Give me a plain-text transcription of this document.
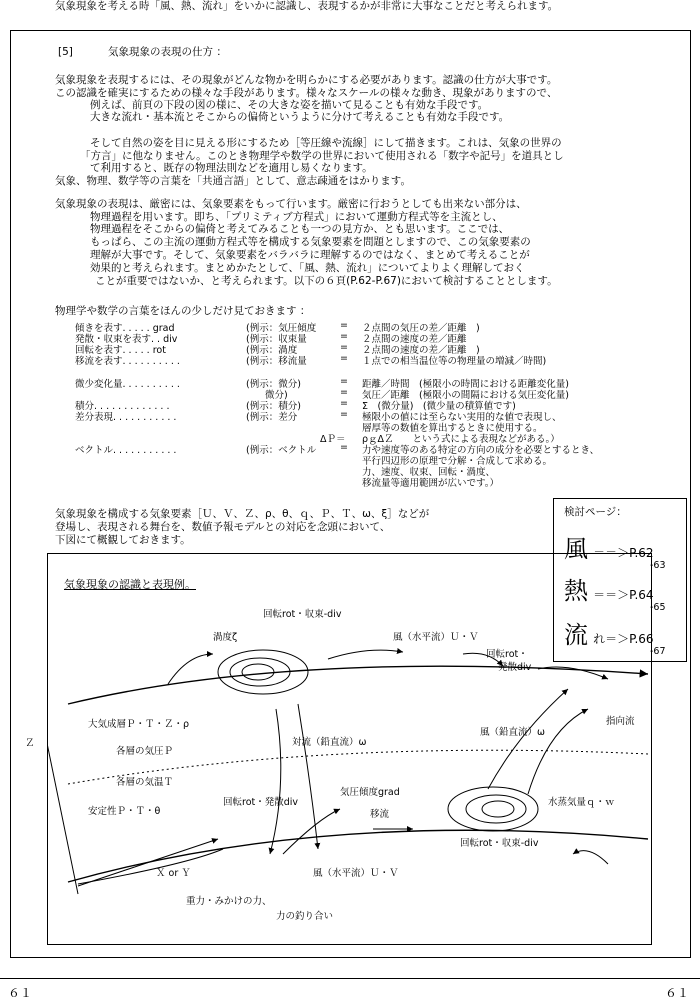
気象現象を考える時「風、熱、流れ」をいかに認識し、表現するかが非常に大事なことだと考えられます。
[5]	気象現象の表現の仕方 ：
気象現象を表現するには、その現象がどんな物かを明らかにする必要があります。認識の仕方が大事です。
この認識を確実にするための様々な手段があります。様々なスケールの様々な動き、現象がありますので、
例えば、前頁の下段の図の様に、その大きな姿を描いて見ることも有効な手段です。
大きな流れ・基本流とそこからの偏倚というように分けて考えることも有効な手段です。
そして自然の姿を目に見える形にするため［等圧線や流線］にして描きます。これは、気象の世界の
「方言」に他なりません。このとき物理学や数学の世界において使用される「数字や記号」を道具とし
て利用すると、既存の物理法則などを適用し易くなります。
気象、物理、数学等の言葉を「共通言語」として、意志疎通をはかります。
気象現象の表現は、厳密には、気象要素をもって行います。厳密に行おうとしても出来ない部分は、
物理過程を用います。即ち、「プリミティブ方程式」において運動方程式等を主流とし、
物理過程をそこからの偏倚と考えてみることも一つの見方か、とも思います。ここでは、
もっぱら、この主流の運動方程式等を構成する気象要素を問題としますので、この気象要素の
理解が大事です。そして、気象要素をバラバラに理解するのではなく、まとめて考えることが
効果的と考えられます。まとめかたとして、「風、熱、流れ」についてよりよく理解しておく
ことが重要ではないか、と考えられます。以下の６頁(P.62-P.67)において検討することとします。
物理学や数学の言葉をほんの少しだけ見ておきます ：
傾きを表す. . . . . grad	(例示：気圧傾度	= ２点間の気圧の差／距離　)
発散・収束を表す. . div	(例示：収束量	= ２点間の速度の差／距離
回転を表す. . . . . rot	(例示：渦度	= ２点間の速度の差／距離　)
移流を表す. . . . . . . . . .	(例示：移流量	= １点での相当温位等の物理量の増減／時間)
微少変化量. . . . . . . . . .	(例示：微分)	= 距離／時間　(極限小の時間における距離変化量)
　　微分)	= 気圧／距離　(極限小の間隔における気圧変化量)
積分. . . . . . . . . . . . .	(例示：積分)	= Σ　(微分量)　(微少量の積算値です)
差分表現. . . . . . . . . . .	(例示：差分	= 極限小の値には至らない実用的な値で表現し、
層厚等の数値を算出するときに使用する。
ΔＰ＝ ρｇΔＺ　　という式による表現などがある。）
ベクトル. . . . . . . . . . .	(例示：ベクトル	= 力や速度等のある特定の方向の成分を必要とするとき、
平行四辺形の原理で分解・合成して求める。
力、速度、収束、回転・渦度、
移流量等適用範囲が広いです。）
気象現象を構成する気象要素［Ｕ、Ｖ、Ｚ、ρ、θ、ｑ、Ｐ、Ｔ、ω、ξ］などが
登場し、表現される舞台を、数値予報モデルとの対応を念頭において、
下図にて概観しておきます。
検討ページ：
風 ＝＝＞P.62
-63
熱 ＝＝＞P.64
-65
流 れ＝＞P.66
-67
気象現象の認識と表現例。
回転rot・収束-div
渦度ζ	風（水平流）Ｕ・Ｖ
回転rot・
発散div
指向流
大気成層Ｐ・Ｔ・Ｚ・ρ
各層の気圧Ｐ
各層の気温Ｔ
安定性Ｐ・Ｔ・θ
対流（鉛直流）ω
風（鉛直流）ω
気圧傾度grad
移流
回転rot・発散div	水蒸気量ｑ・ｗ
回転rot・収束-div
Ｘ or Ｙ	風（水平流）Ｕ・Ｖ
重力・みかけの力、
力の釣り合い
Ｚ
６１	６１
